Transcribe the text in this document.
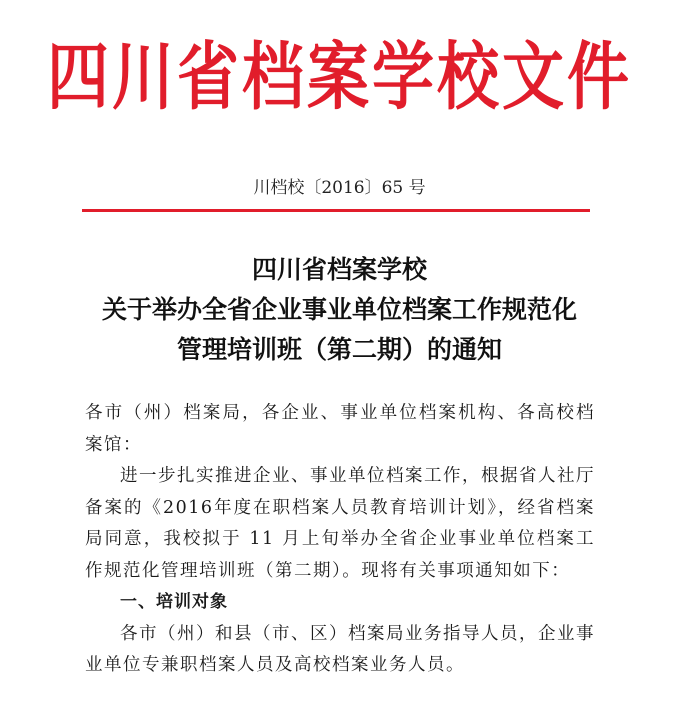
四川省档案学校文件
川档校〔2016〕65 号
四川省档案学校
关于举办全省企业事业单位档案工作规范化
管理培训班（第二期）的通知

各市（州）档案局，各企业、事业单位档案机构、各高校档案馆：

进一步扎实推进企业、事业单位档案工作，根据省人社厅备案的《2016年度在职档案人员教育培训计划》，经省档案局同意，我校拟于 11 月上旬举办全省企业事业单位档案工作规范化管理培训班（第二期）。现将有关事项通知如下：

一、培训对象

各市（州）和县（市、区）档案局业务指导人员，企业事业单位专兼职档案人员及高校档案业务人员。
